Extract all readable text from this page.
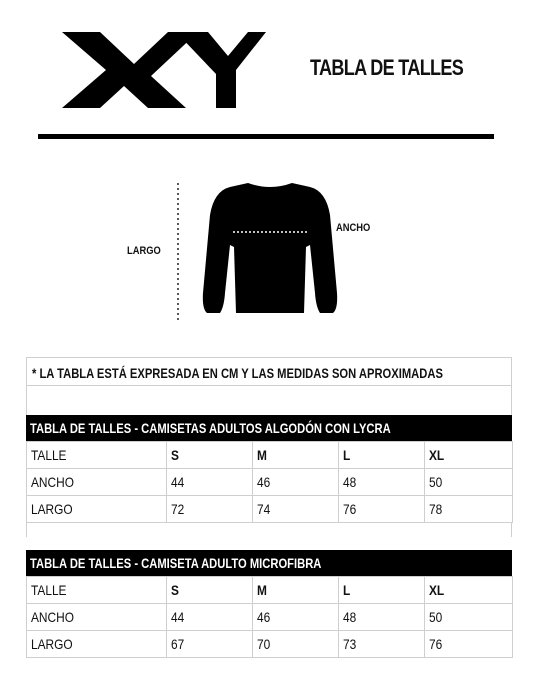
TABLA DE TALLES
LARGO
ANCHO
* LA TABLA ESTÁ EXPRESADA EN CM Y LAS MEDIDAS SON APROXIMADAS
TABLA DE TALLES - CAMISETAS ADULTOS ALGODÓN CON LYCRA
TALLE	S	M	L	XL
ANCHO	44	46	48	50
LARGO	72	74	76	78
TABLA DE TALLES - CAMISETA ADULTO MICROFIBRA
TALLE	S	M	L	XL
ANCHO	44	46	48	50
LARGO	67	70	73	76
